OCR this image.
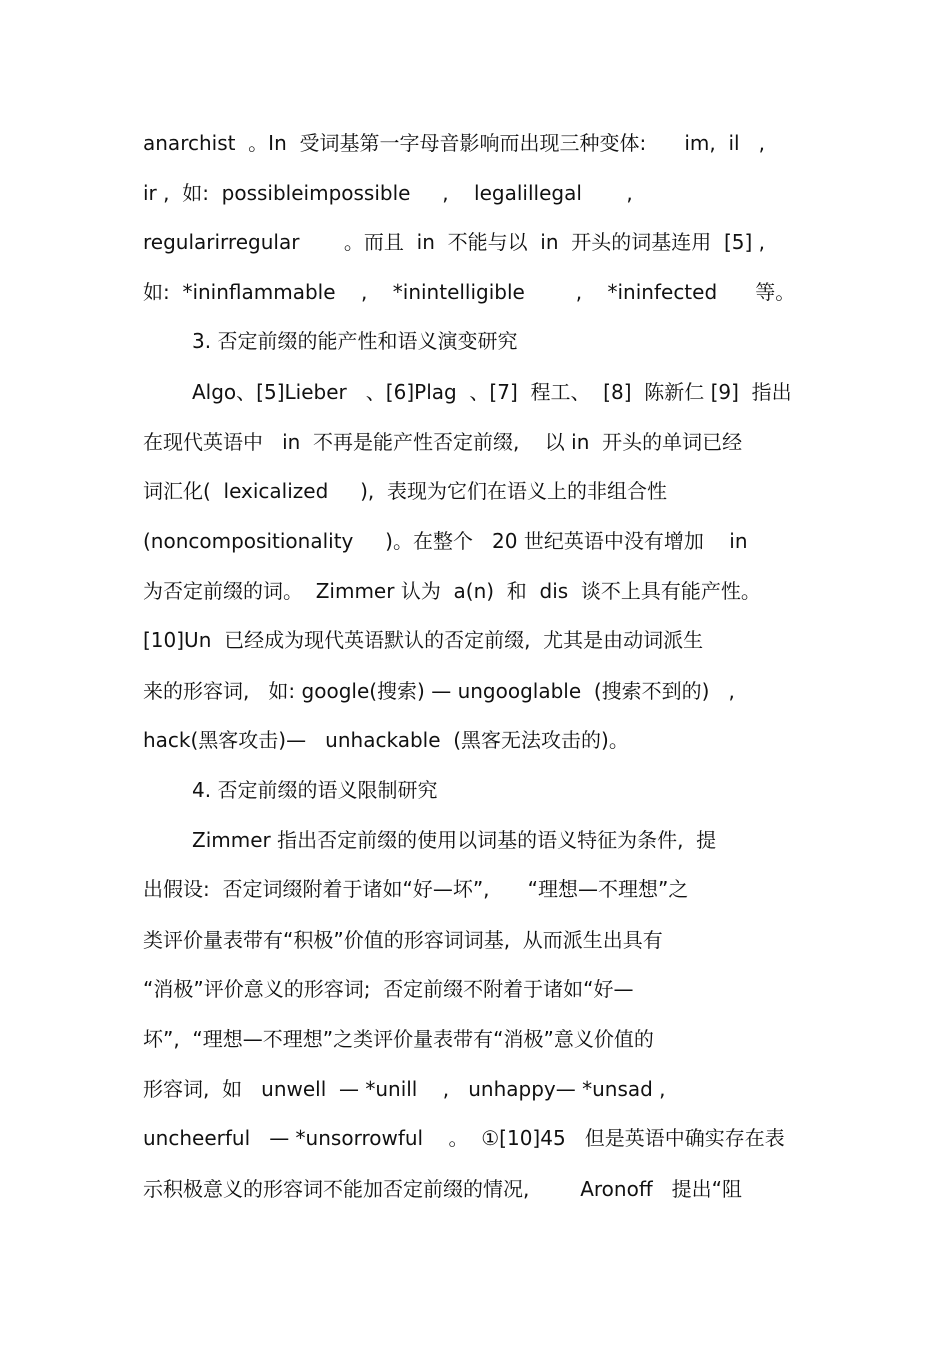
anarchist  。In  受词基第一字母音影响而出现三种变体:      im,  il   ,
ir ,  如:  possibleimpossible     ,    legalillegal       ,
regularirregular       。而且  in  不能与以  in  开头的词基连用  [5] ,
如:  *ininflammable    ,    *inintelligible        ,    *ininfected      等。
3. 否定前缀的能产性和语义演变研究
Algo、[5]Lieber   、[6]Plag  、[7]  程工、  [8]  陈新仁 [9]  指出
在现代英语中   in  不再是能产性否定前缀,    以 in  开头的单词已经
词汇化(  lexicalized     ),  表现为它们在语义上的非组合性
(noncompositionality     )。在整个   20 世纪英语中没有增加    in
为否定前缀的词。  Zimmer 认为  a(n)  和  dis  谈不上具有能产性。
[10]Un  已经成为现代英语默认的否定前缀,  尤其是由动词派生
来的形容词,   如: google(搜索) — ungooglable  (搜索不到的)   ,
hack(黑客攻击)—   unhackable  (黑客无法攻击的)。
4. 否定前缀的语义限制研究
Zimmer 指出否定前缀的使用以词基的语义特征为条件,  提
出假设:  否定词缀附着于诸如“好—坏”,      “理想—不理想”之
类评价量表带有“积极”价值的形容词词基,  从而派生出具有
“消极”评价意义的形容词;  否定前缀不附着于诸如“好—
坏”,  “理想—不理想”之类评价量表带有“消极”意义价值的
形容词,  如   unwell  — *unill    ,   unhappy— *unsad ,
uncheerful   — *unsorrowful    。  ①[10]45   但是英语中确实存在表
示积极意义的形容词不能加否定前缀的情况,        Aronoff   提出“阻
